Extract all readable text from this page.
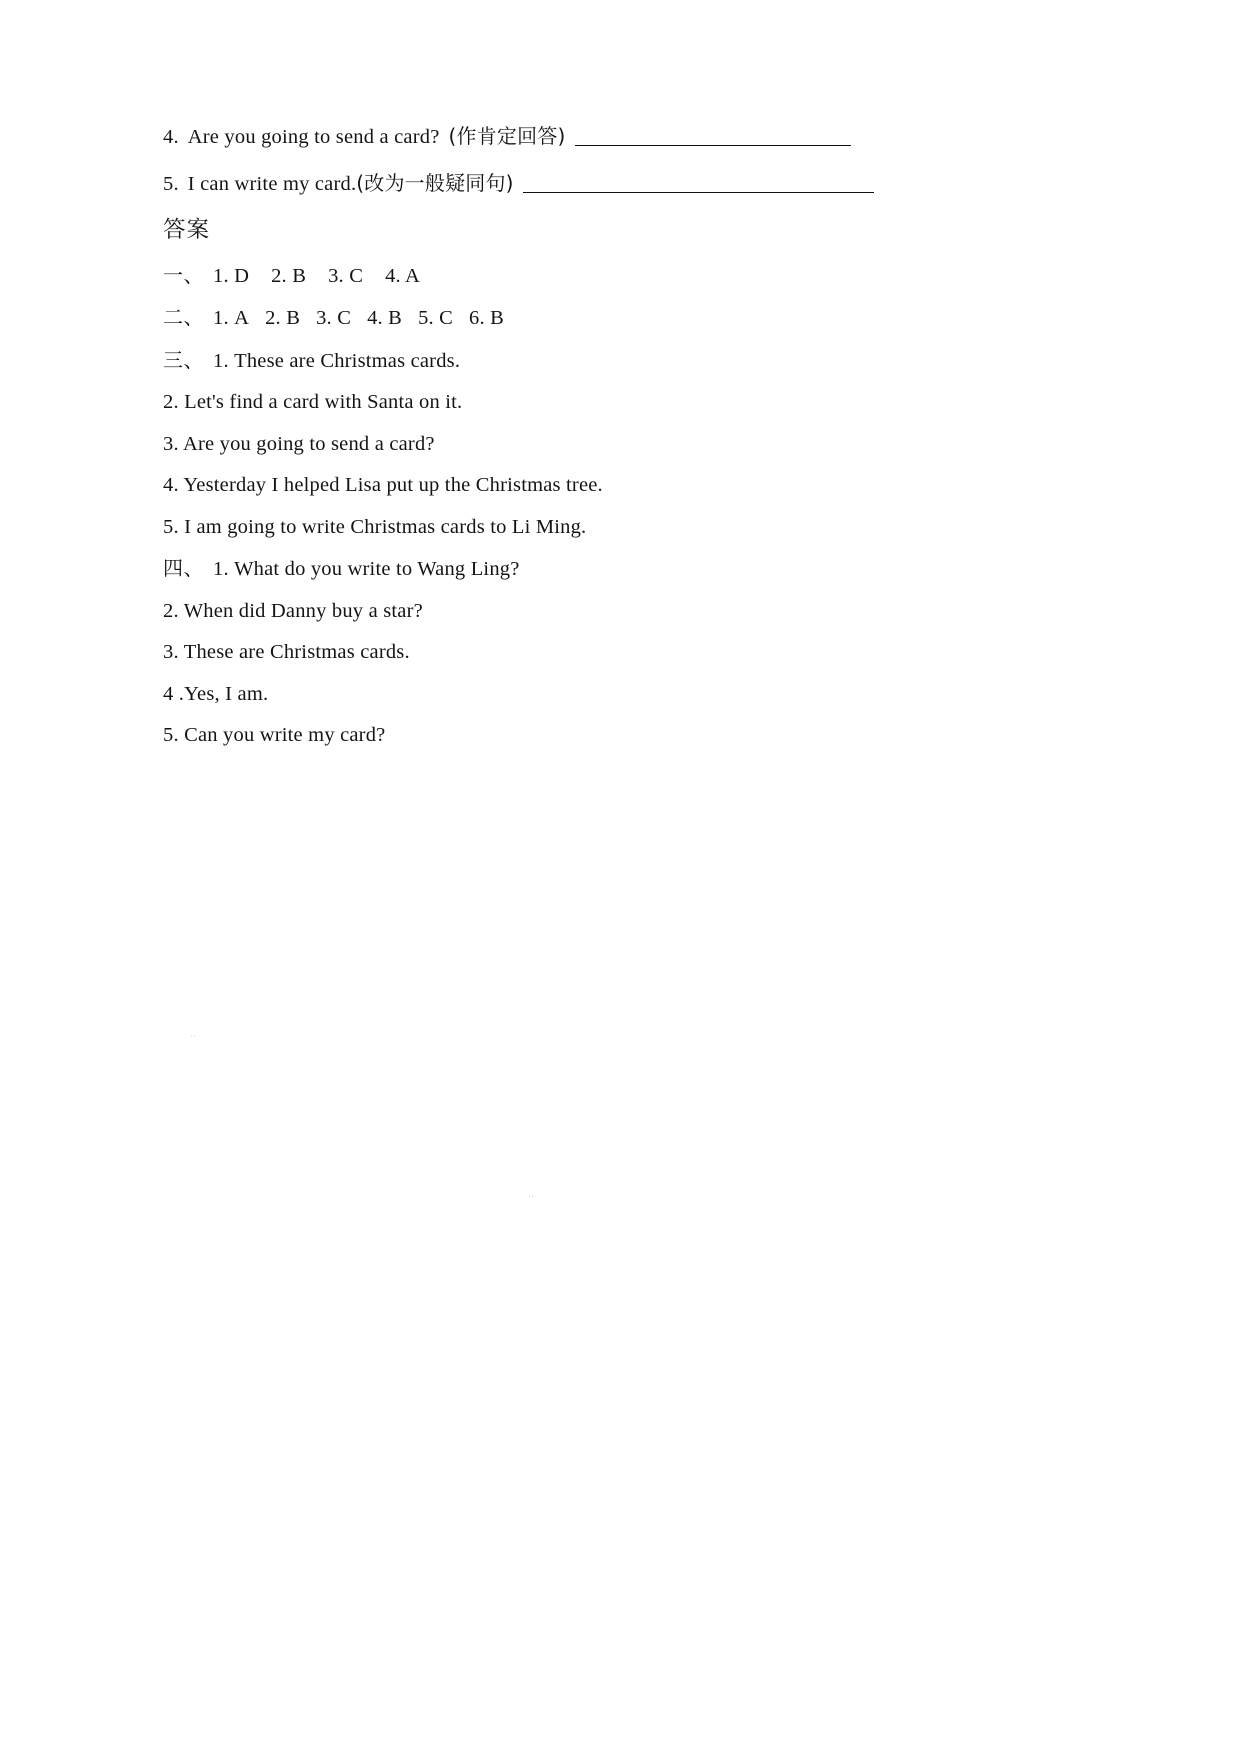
4. Are you going to send a card? (作肯定回答)
5. I can write my card.(改为一般疑同句)
答案
一、 1. D 2. B 3. C 4. A
二、 1. A 2. B 3. C 4. B 5. C 6. B
三、 1. These are Christmas cards.
2. Let's find a card with Santa on it.
3. Are you going to send a card?
4. Yesterday I helped Lisa put up the Christmas tree.
5. I am going to write Christmas cards to Li Ming.
四、 1. What do you write to Wang Ling?
2. When did Danny buy a star?
3. These are Christmas cards.
4 .Yes, I am.
5. Can you write my card?
..
..
